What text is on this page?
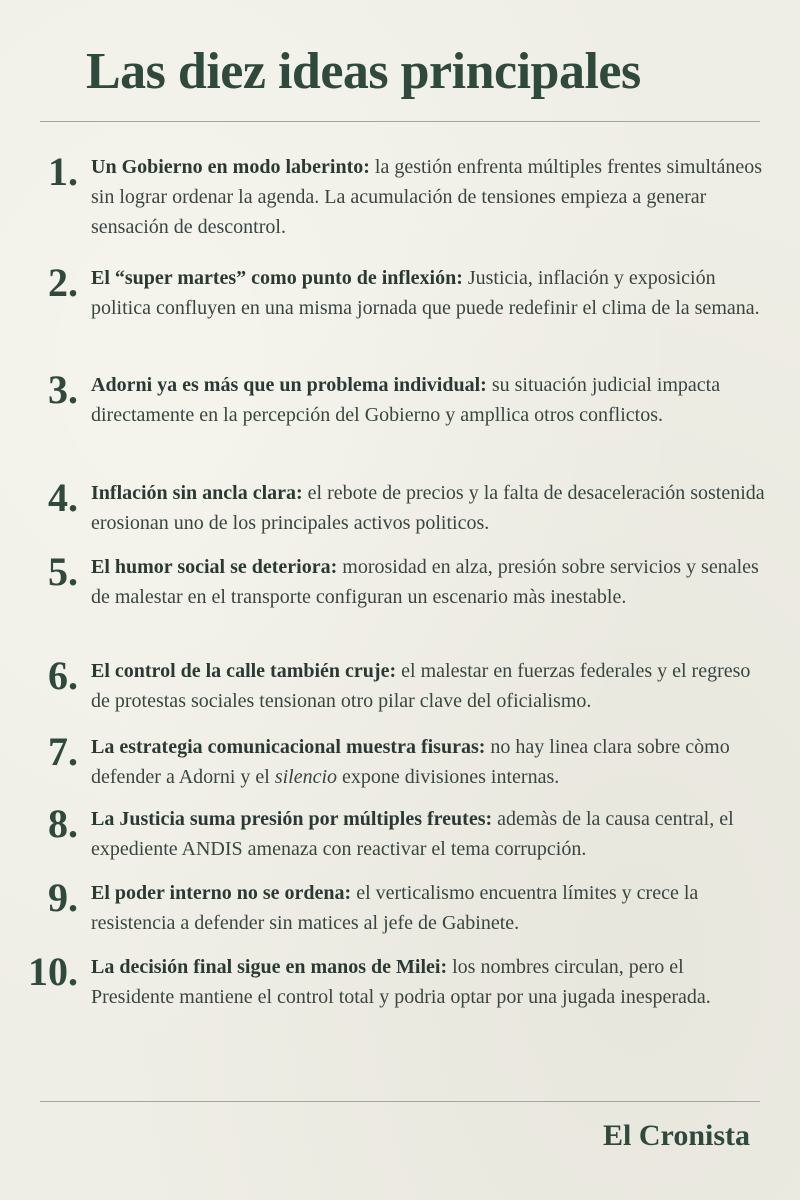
Las diez ideas principales
1. Un Gobierno en modo laberinto: la gestión enfrenta múltiples frentes simultáneos sin lograr ordenar la agenda. La acumulación de tensiones empieza a generar sensación de descontrol.

2. El “super martes” como punto de inflexión: Justicia, inflación y exposición politica confluyen en una misma jornada que puede redefinir el clima de la semana.

3. Adorni ya es más que un problema individual: su situación judicial impacta directamente en la percepción del Gobierno y ampllica otros conflictos.

4. Inflación sin ancla clara: el rebote de precios y la falta de desaceleración sostenida erosionan uno de los principales activos politicos.

5. El humor social se deteriora: morosidad en alza, presión sobre servicios y senales de malestar en el transporte configuran un escenario màs inestable.

6. El control de la calle también cruje: el malestar en fuerzas federales y el regreso de protestas sociales tensionan otro pilar clave del oficialismo.

7. La estrategia comunicacional muestra fisuras: no hay linea clara sobre còmo defender a Adorni y el silencio expone divisiones internas.

8. La Justicia suma presión por múltiples freutes: ademàs de la causa central, el expediente ANDIS amenaza con reactivar el tema corrupción.

9. El poder interno no se ordena: el verticalismo encuentra límites y crece la resistencia a defender sin matices al jefe de Gabinete.

10. La decisión final sigue en manos de Milei: los nombres circulan, pero el Presidente mantiene el control total y podria optar por una jugada inesperada.

El Cronista
